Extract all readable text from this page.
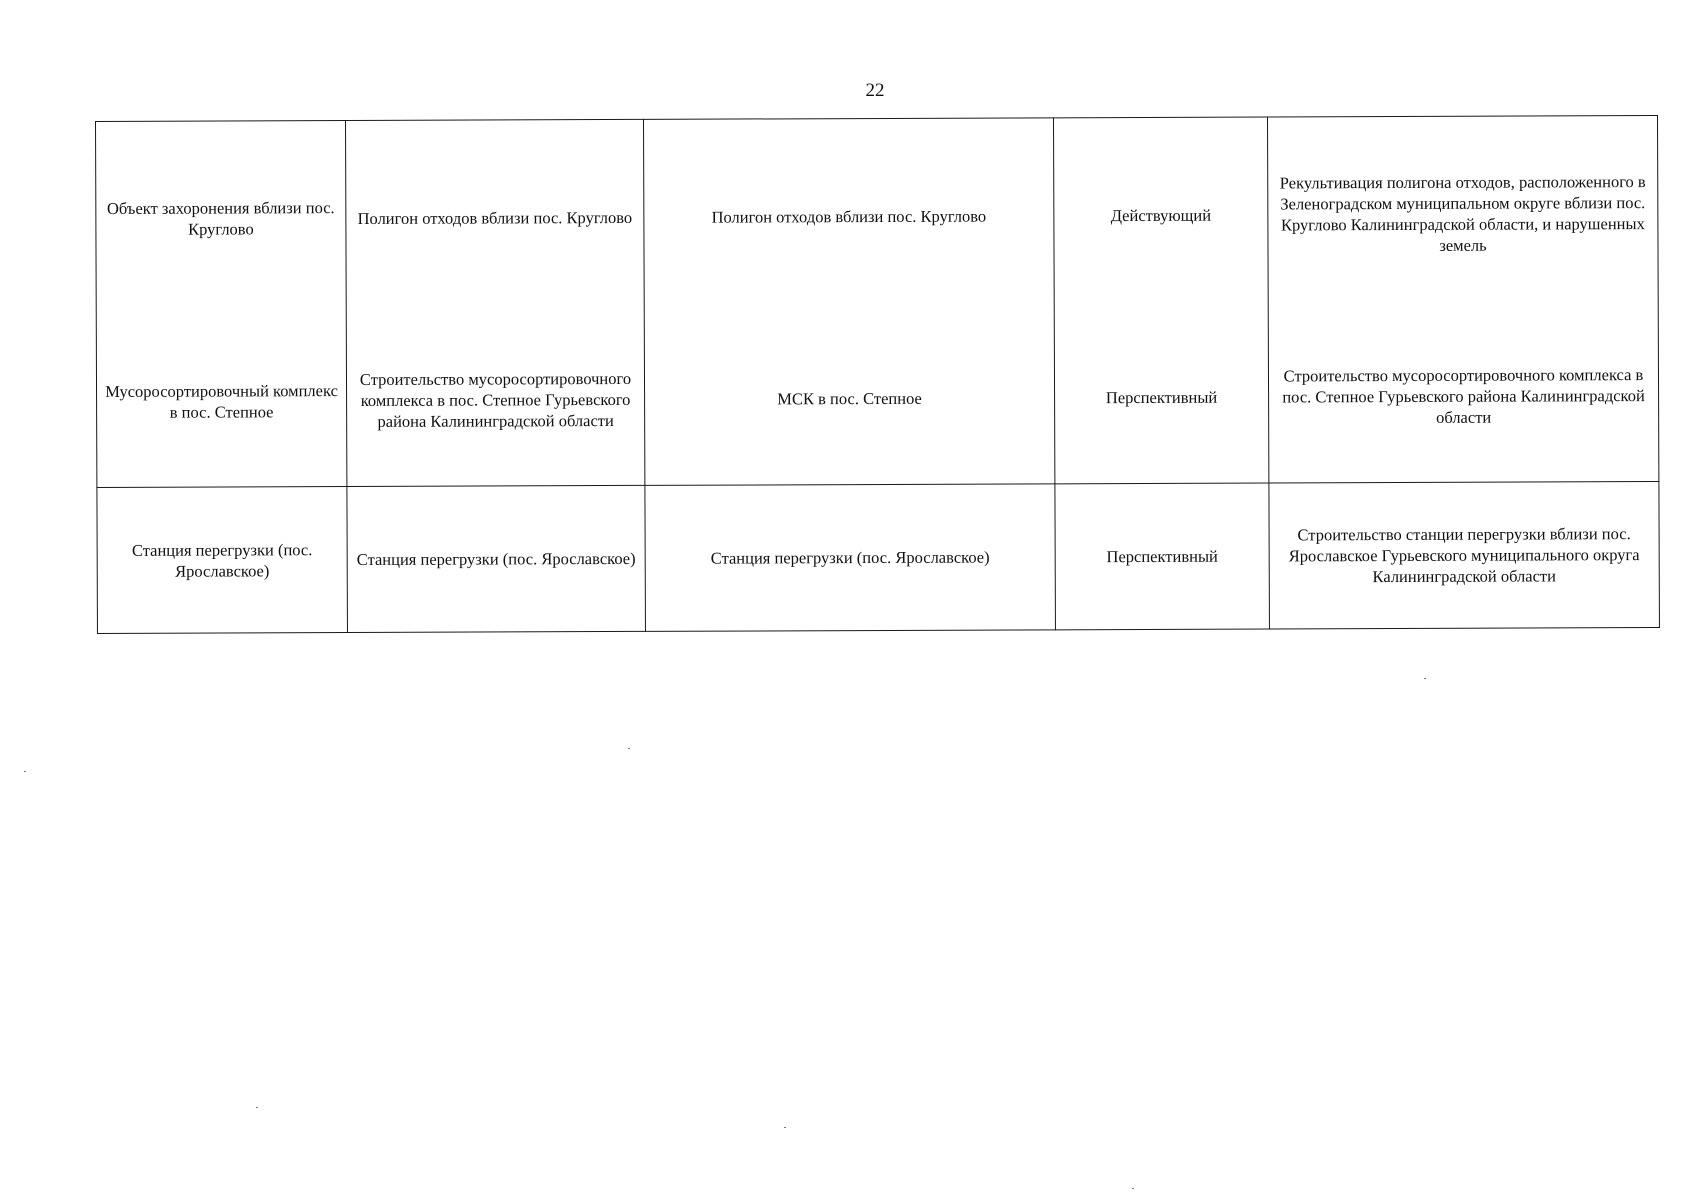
22
Объект захоронения вблизи пос. Круглово	Полигон отходов вблизи пос. Круглово	Полигон отходов вблизи пос. Круглово	Действующий	Рекультивация полигона отходов, расположенного в Зеленоградском муниципальном округе вблизи пос. Круглово Калининградской области, и нарушенных земель
Мусоросортировочный комплекс в пос. Степное	Строительство мусоросортировочного комплекса в пос. Степное Гурьевского района Калининградской области	МСК в пос. Степное	Перспективный	Строительство мусоросортировочного комплекса в пос. Степное Гурьевского района Калининградской области
Станция перегрузки (пос. Ярославское)	Станция перегрузки (пос. Ярославское)	Станция перегрузки (пос. Ярославское)	Перспективный	Строительство станции перегрузки вблизи пос. Ярославское Гурьевского муниципального округа Калининградской области
